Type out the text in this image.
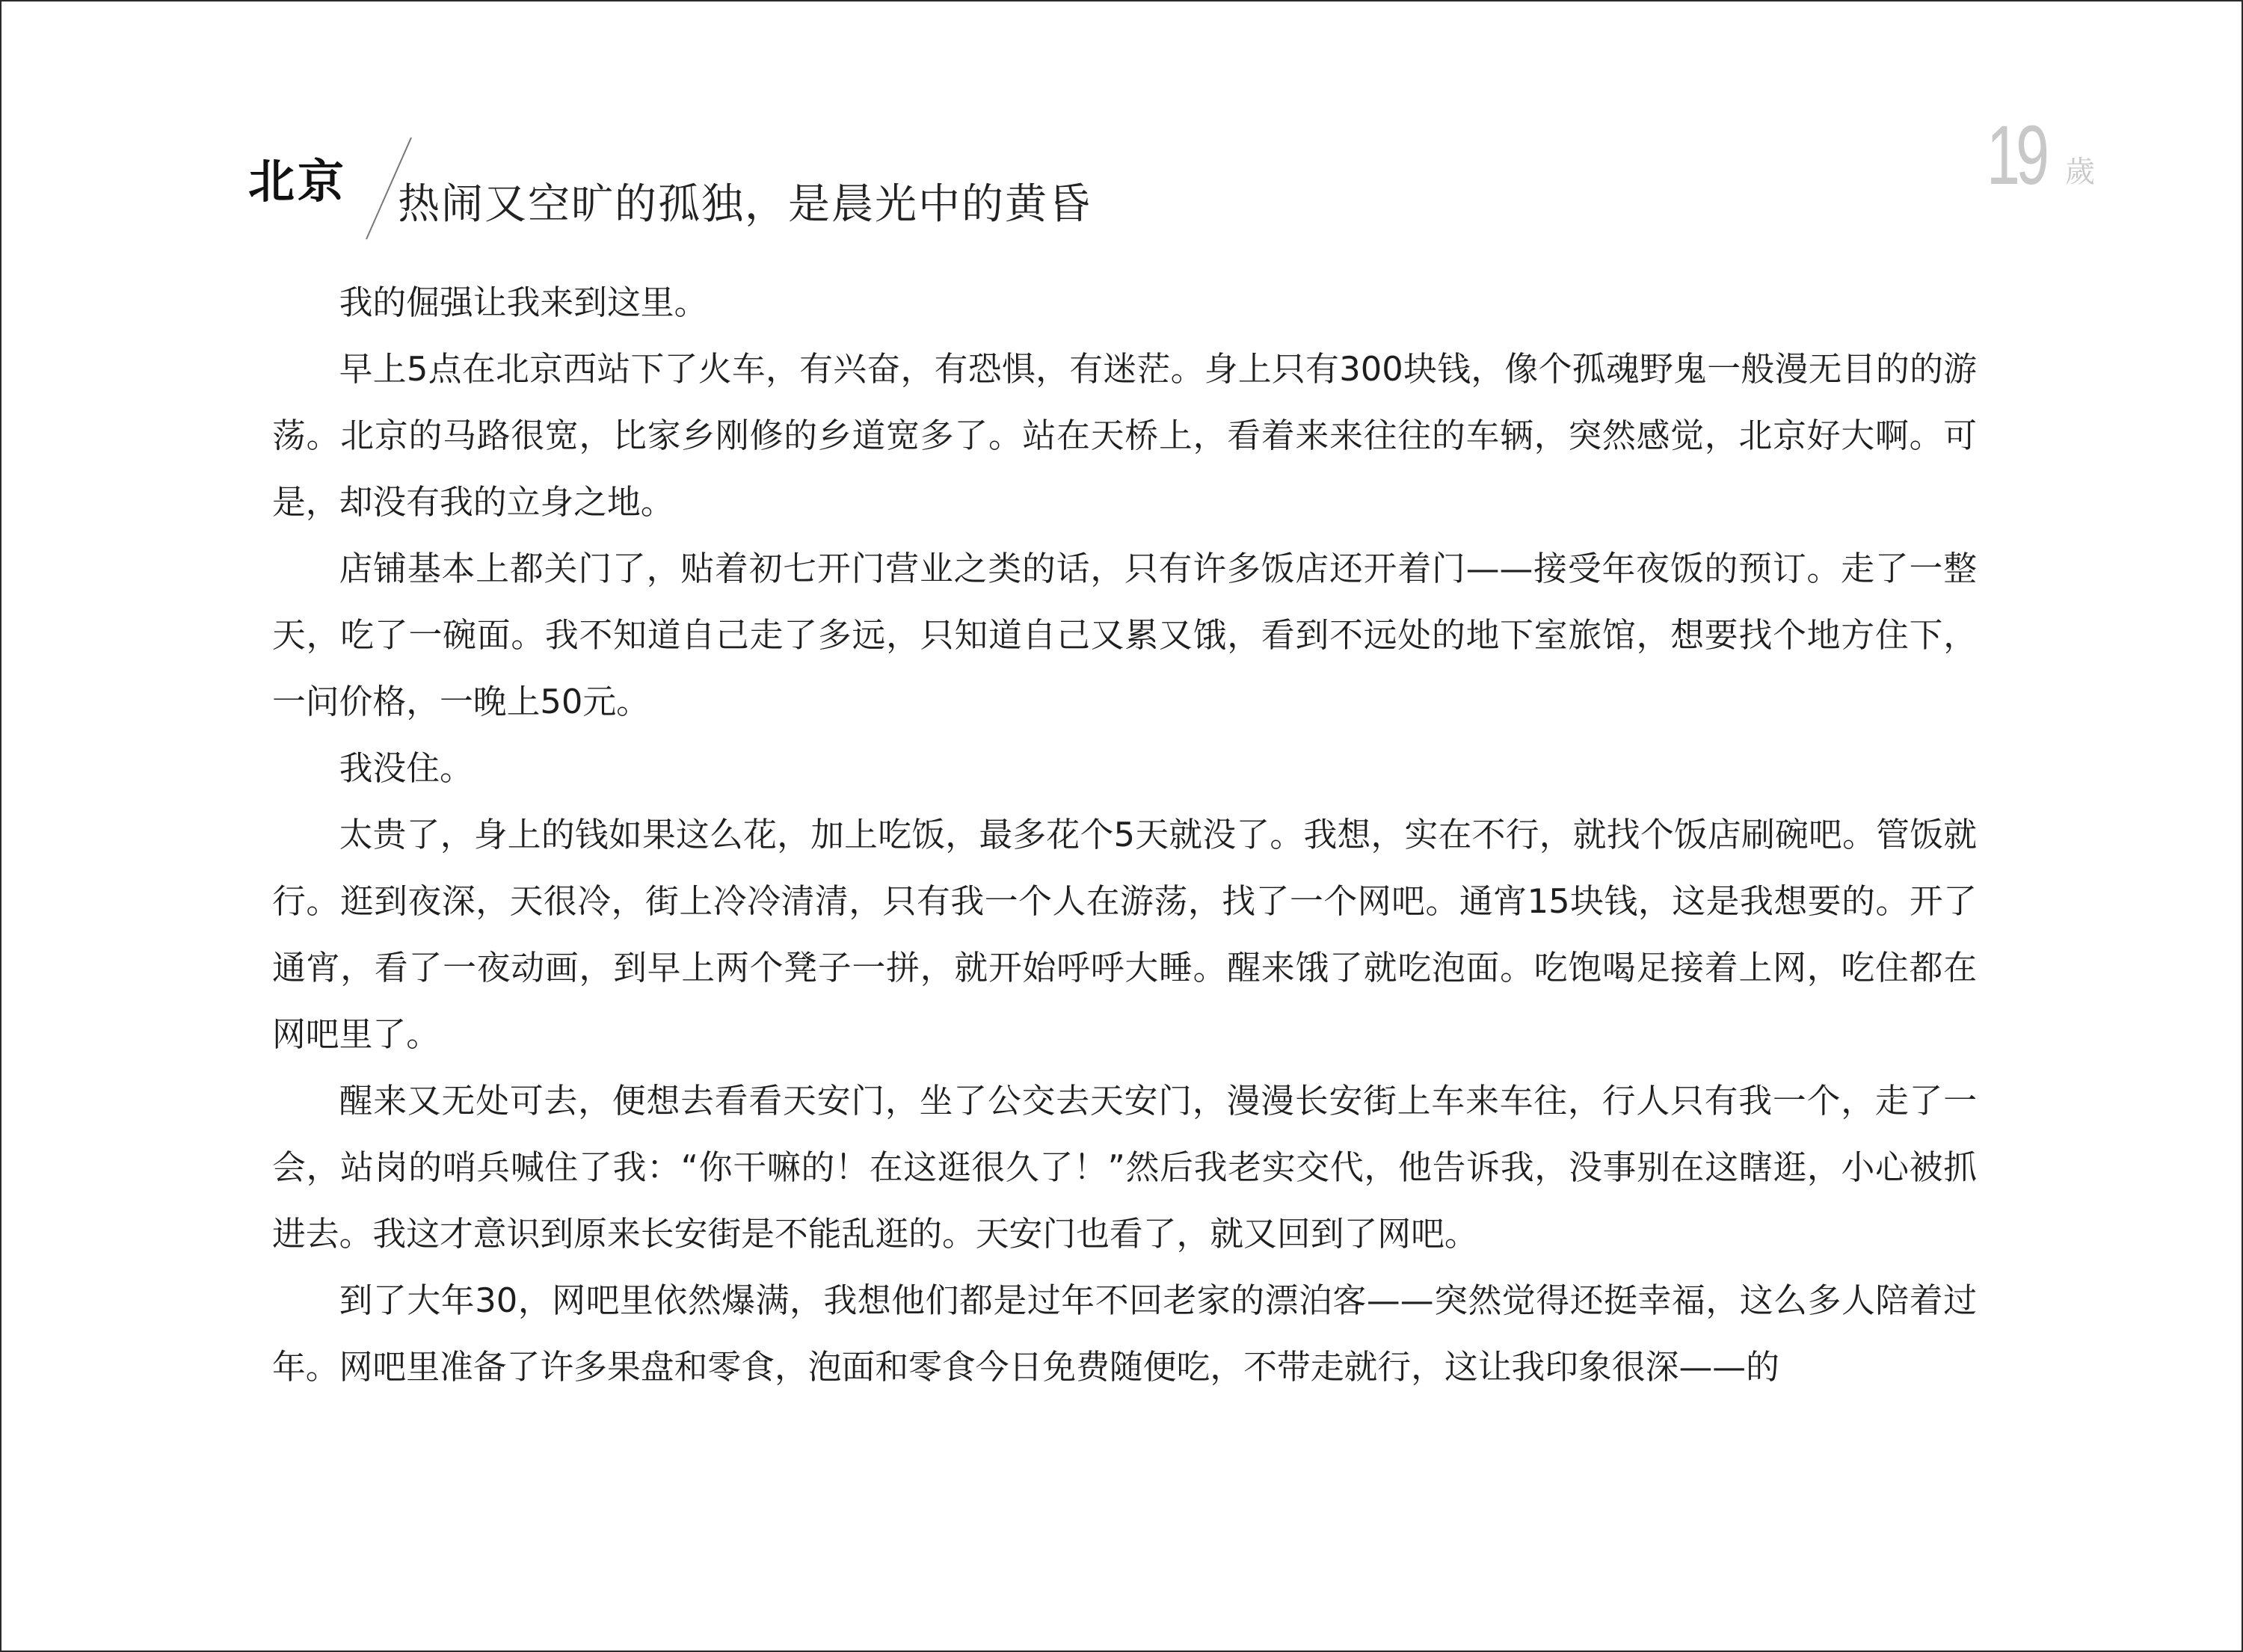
北京 热闹又空旷的孤独，是晨光中的黄昏
19 歲

我的倔强让我来到这里。

早上5点在北京西站下了火车，有兴奋，有恐惧，有迷茫。身上只有300块钱，像个孤魂野鬼一般漫无目的的游荡。北京的马路很宽，比家乡刚修的乡道宽多了。站在天桥上，看着来来往往的车辆，突然感觉，北京好大啊。可是，却没有我的立身之地。

店铺基本上都关门了，贴着初七开门营业之类的话，只有许多饭店还开着门——接受年夜饭的预订。走了一整天，吃了一碗面。我不知道自己走了多远，只知道自己又累又饿，看到不远处的地下室旅馆，想要找个地方住下，一问价格，一晚上50元。

我没住。

太贵了，身上的钱如果这么花，加上吃饭，最多花个5天就没了。我想，实在不行，就找个饭店刷碗吧。管饭就行。逛到夜深，天很冷，街上冷冷清清，只有我一个人在游荡，找了一个网吧。通宵15块钱，这是我想要的。开了通宵，看了一夜动画，到早上两个凳子一拼，就开始呼呼大睡。醒来饿了就吃泡面。吃饱喝足接着上网，吃住都在网吧里了。

醒来又无处可去，便想去看看天安门，坐了公交去天安门，漫漫长安街上车来车往，行人只有我一个，走了一会，站岗的哨兵喊住了我：“你干嘛的！在这逛很久了！”然后我老实交代，他告诉我，没事别在这瞎逛，小心被抓进去。我这才意识到原来长安街是不能乱逛的。天安门也看了，就又回到了网吧。

到了大年30，网吧里依然爆满，我想他们都是过年不回老家的漂泊客——突然觉得还挺幸福，这么多人陪着过年。网吧里准备了许多果盘和零食，泡面和零食今日免费随便吃，不带走就行，这让我印象很深——的
